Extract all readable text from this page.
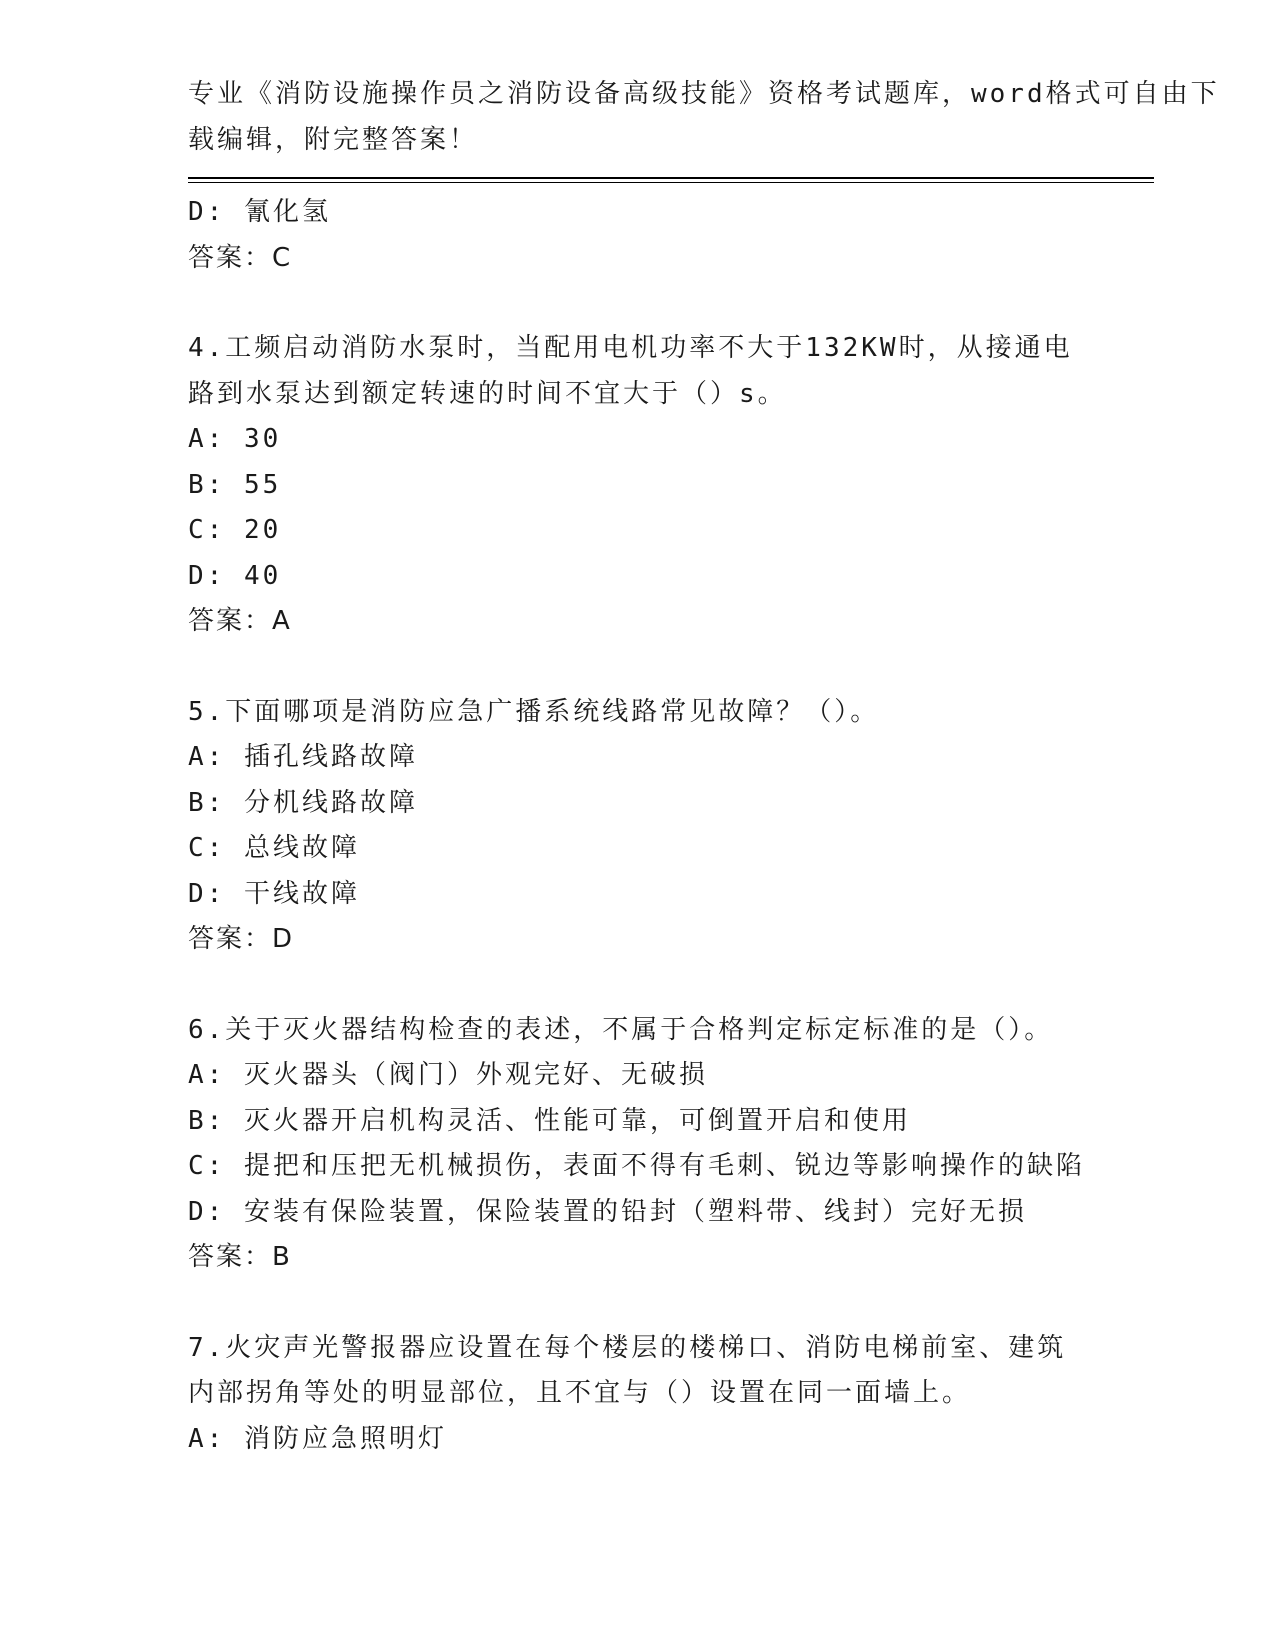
专业《消防设施操作员之消防设备高级技能》资格考试题库，word格式可自由下
载编辑，附完整答案！
D: 氰化氢
答案：C
4.工频启动消防水泵时，当配用电机功率不大于132KW时，从接通电
路到水泵达到额定转速的时间不宜大于（）s。
A: 30
B: 55
C: 20
D: 40
答案：A
5.下面哪项是消防应急广播系统线路常见故障？（）。
A: 插孔线路故障
B: 分机线路故障
C: 总线故障
D: 干线故障
答案：D
6.关于灭火器结构检查的表述，不属于合格判定标定标准的是（）。
A: 灭火器头（阀门）外观完好、无破损
B: 灭火器开启机构灵活、性能可靠，可倒置开启和使用
C: 提把和压把无机械损伤，表面不得有毛刺、锐边等影响操作的缺陷
D: 安装有保险装置，保险装置的铅封（塑料带、线封）完好无损
答案：B
7.火灾声光警报器应设置在每个楼层的楼梯口、消防电梯前室、建筑
内部拐角等处的明显部位，且不宜与（）设置在同一面墙上。
A: 消防应急照明灯
